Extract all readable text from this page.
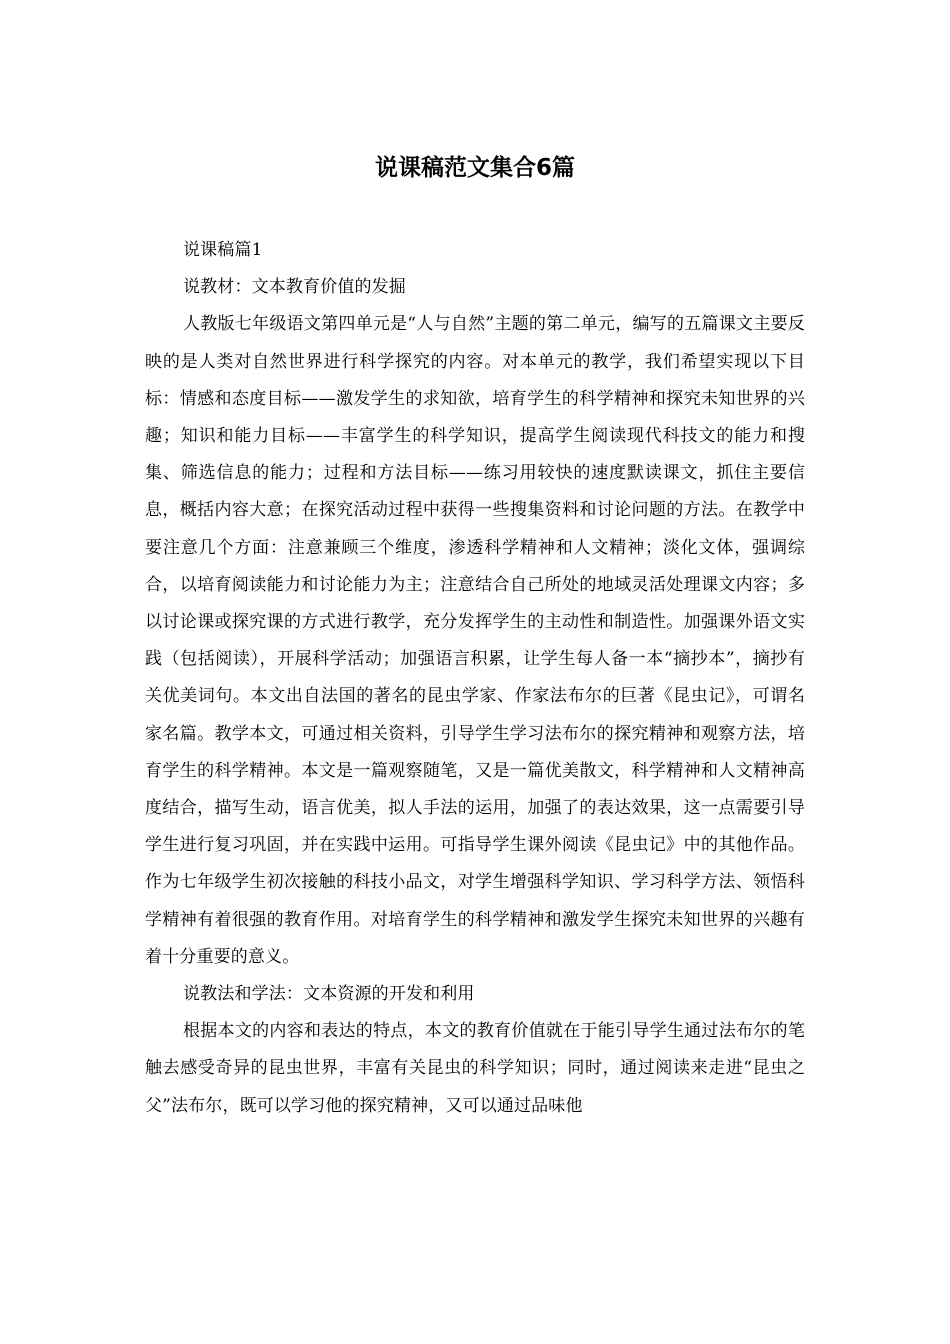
说课稿范文集合6篇

说课稿篇1

说教材：文本教育价值的发掘

人教版七年级语文第四单元是“人与自然”主题的第二单元，编写的五篇课文主要反映的是人类对自然世界进行科学探究的内容。对本单元的教学，我们希望实现以下目标：情感和态度目标——激发学生的求知欲，培育学生的科学精神和探究未知世界的兴趣；知识和能力目标——丰富学生的科学知识，提高学生阅读现代科技文的能力和搜集、筛选信息的能力；过程和方法目标——练习用较快的速度默读课文，抓住主要信息，概括内容大意；在探究活动过程中获得一些搜集资料和讨论问题的方法。在教学中要注意几个方面：注意兼顾三个维度，渗透科学精神和人文精神；淡化文体，强调综合，以培育阅读能力和讨论能力为主；注意结合自己所处的地域灵活处理课文内容；多以讨论课或探究课的方式进行教学，充分发挥学生的主动性和制造性。加强课外语文实践（包括阅读），开展科学活动；加强语言积累，让学生每人备一本“摘抄本”，摘抄有关优美词句。本文出自法国的著名的昆虫学家、作家法布尔的巨著《昆虫记》，可谓名家名篇。教学本文，可通过相关资料，引导学生学习法布尔的探究精神和观察方法，培育学生的科学精神。本文是一篇观察随笔，又是一篇优美散文，科学精神和人文精神高度结合，描写生动，语言优美，拟人手法的运用，加强了的表达效果，这一点需要引导学生进行复习巩固，并在实践中运用。可指导学生课外阅读《昆虫记》中的其他作品。作为七年级学生初次接触的科技小品文，对学生增强科学知识、学习科学方法、领悟科学精神有着很强的教育作用。对培育学生的科学精神和激发学生探究未知世界的兴趣有着十分重要的意义。

说教法和学法：文本资源的开发和利用

根据本文的内容和表达的特点，本文的教育价值就在于能引导学生通过法布尔的笔触去感受奇异的昆虫世界，丰富有关昆虫的科学知识；同时，通过阅读来走进“昆虫之父”法布尔，既可以学习他的探究精神，又可以通过品味他
